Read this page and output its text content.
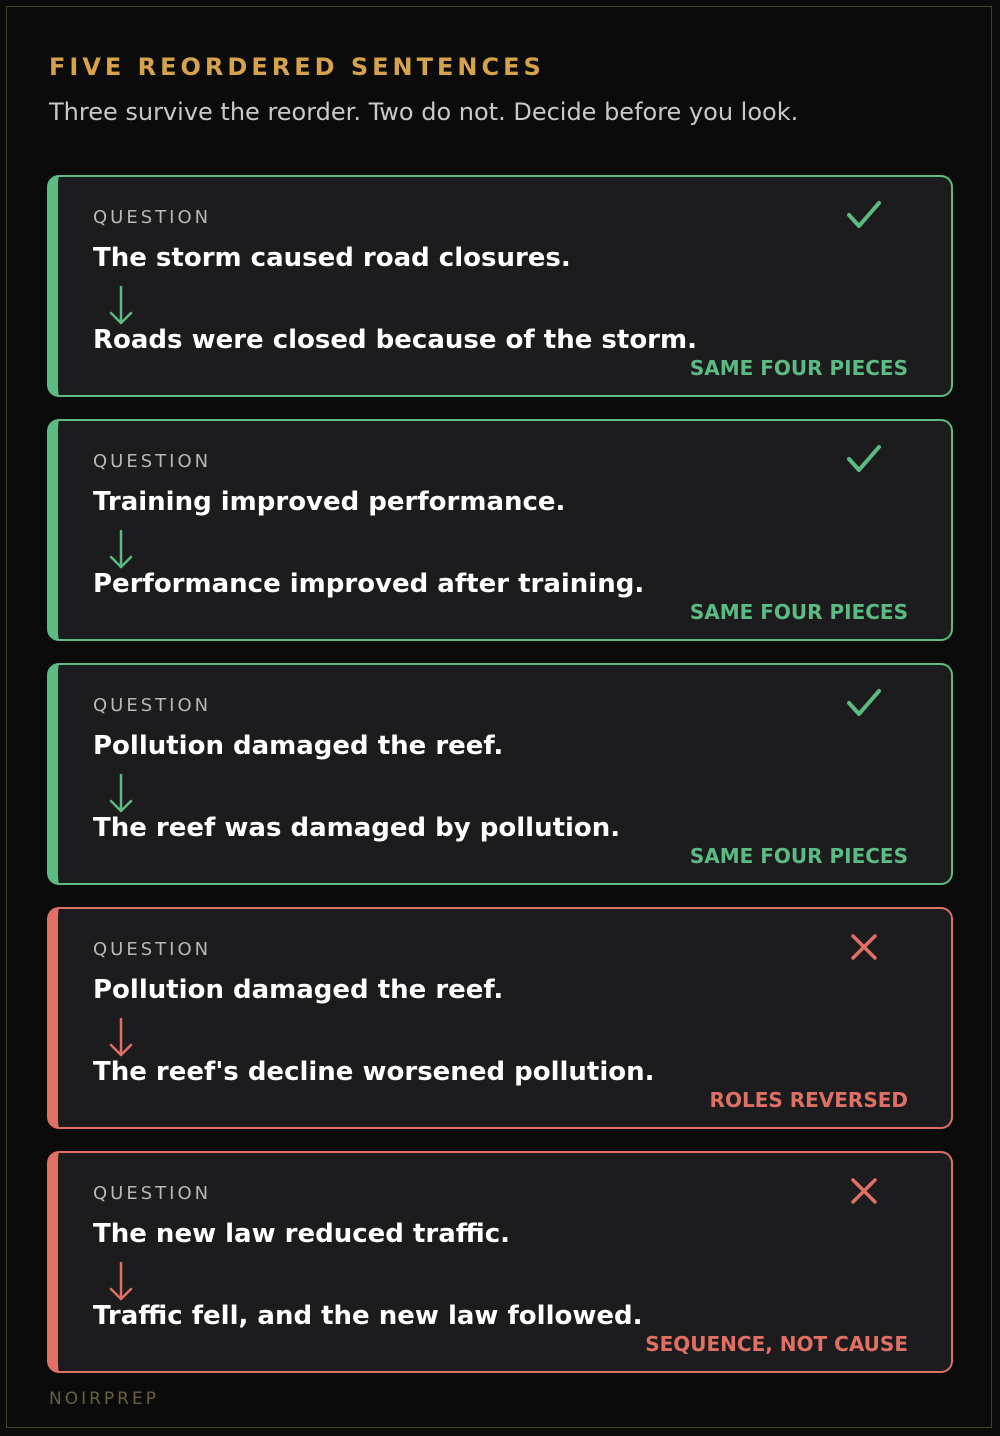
FIVE REORDERED SENTENCES

Three survive the reorder. Two do not. Decide before you look.

QUESTION
The storm caused road closures.
Roads were closed because of the storm.
SAME FOUR PIECES
QUESTION
Training improved performance.
Performance improved after training.
SAME FOUR PIECES
QUESTION
Pollution damaged the reef.
The reef was damaged by pollution.
SAME FOUR PIECES
QUESTION
Pollution damaged the reef.
The reef's decline worsened pollution.
ROLES REVERSED
QUESTION
The new law reduced traffic.
Traffic fell, and the new law followed.
SEQUENCE, NOT CAUSE
NOIRPREP
